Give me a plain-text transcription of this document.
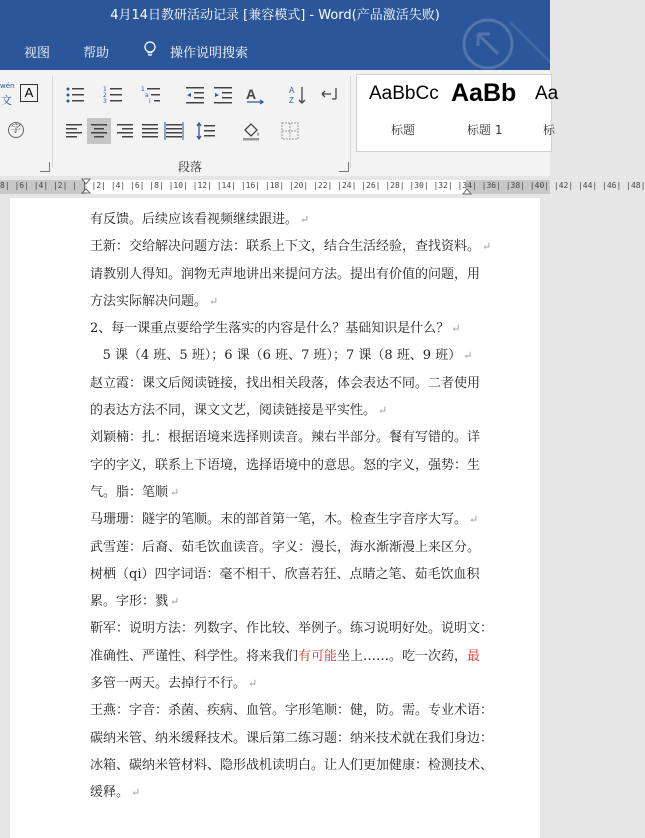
4月14日教研活动记录 [兼容模式] - Word(产品激活失败)
视图	帮助	操作说明搜索
wén
文
A
字
1
2
3
1
a
i	A	A
Z
段落
AaBbCc
标题
AaBb
标题 1
Aa
标
8| |6| |4| |2| | | |2| |4| |6| |8| |10| |12| |14| |16| |18| |20| |22| |24| |26| |28| |30| |32| |34| |36| |38| |40| |42| |44| |46| |48|
有反馈。后续应该看视频继续跟进。 ↵
王新：交给解决问题方法：联系上下文，结合生活经验，查找资料。 ↵
请教别人得知。润物无声地讲出来提问方法。提出有价值的问题，用
方法实际解决问题。 ↵
2、每一课重点要给学生落实的内容是什么？基础知识是什么？ ↵
5 课（4 班、5 班）；6 课（6 班、7 班）；7 课（8 班、9 班） ↵
赵立霞：课文后阅读链接，找出相关段落，体会表达不同。二者使用
的表达方法不同，课文文艺，阅读链接是平实性。 ↵
刘颖楠：扎：根据语境来选择则读音。辣右半部分。餐有写错的。详
字的字义，联系上下语境，选择语境中的意思。怒的字义，强势：生
气。脂：笔顺 ↵
马珊珊：隧字的笔顺。末的部首第一笔，木。检查生字音序大写。 ↵
武雪莲：后裔、茹毛饮血读音。字义：漫长，海水渐渐漫上来区分。
树栖（qi）四字词语：毫不相干、欣喜若狂、点睛之笔、茹毛饮血积
累。字形：戮 ↵
靳军：说明方法：列数字、作比较、举例子。练习说明好处。说明文：
准确性、严谨性、科学性。将来我们有可能坐上……。吃一次药，最
多管一两天。去掉行不行。 ↵
王燕：字音：杀菌、疾病、血管。字形笔顺：健，防。需。专业术语：
碳纳米管、纳米缓释技术。课后第二练习题：纳米技术就在我们身边：
冰箱、碳纳米管材料、隐形战机读明白。让人们更加健康：检测技术、
缓释。 ↵
